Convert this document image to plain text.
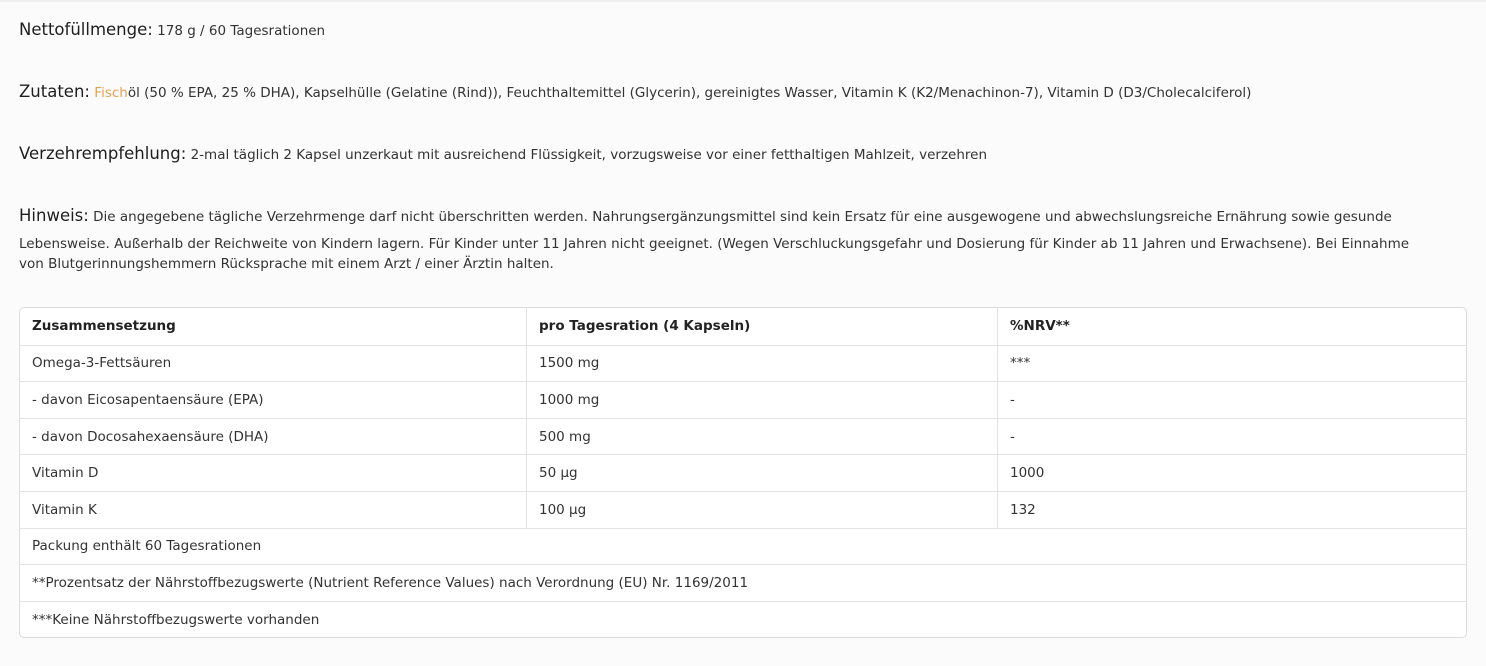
Nettofüllmenge: 178 g / 60 Tagesrationen
Zutaten: Fischöl (50 % EPA, 25 % DHA), Kapselhülle (Gelatine (Rind)), Feuchthaltemittel (Glycerin), gereinigtes Wasser, Vitamin K (K2/Menachinon-7), Vitamin D (D3/Cholecalciferol)
Verzehrempfehlung: 2-mal täglich 2 Kapsel unzerkaut mit ausreichend Flüssigkeit, vorzugsweise vor einer fetthaltigen Mahlzeit, verzehren
Hinweis: Die angegebene tägliche Verzehrmenge darf nicht überschritten werden. Nahrungsergänzungsmittel sind kein Ersatz für eine ausgewogene und abwechslungsreiche Ernährung sowie gesunde
Lebensweise. Außerhalb der Reichweite von Kindern lagern. Für Kinder unter 11 Jahren nicht geeignet. (Wegen Verschluckungsgefahr und Dosierung für Kinder ab 11 Jahren und Erwachsene). Bei Einnahme
von Blutgerinnungshemmern Rücksprache mit einem Arzt / einer Ärztin halten.
Zusammensetzung	pro Tagesration (4 Kapseln)	%NRV**
Omega-3-Fettsäuren	1500 mg	***
- davon Eicosapentaensäure (EPA)	1000 mg	-
- davon Docosahexaensäure (DHA)	500 mg	-
Vitamin D	50 µg	1000
Vitamin K	100 µg	132
Packung enthält 60 Tagesrationen
**Prozentsatz der Nährstoffbezugswerte (Nutrient Reference Values) nach Verordnung (EU) Nr. 1169/2011
***Keine Nährstoffbezugswerte vorhanden
